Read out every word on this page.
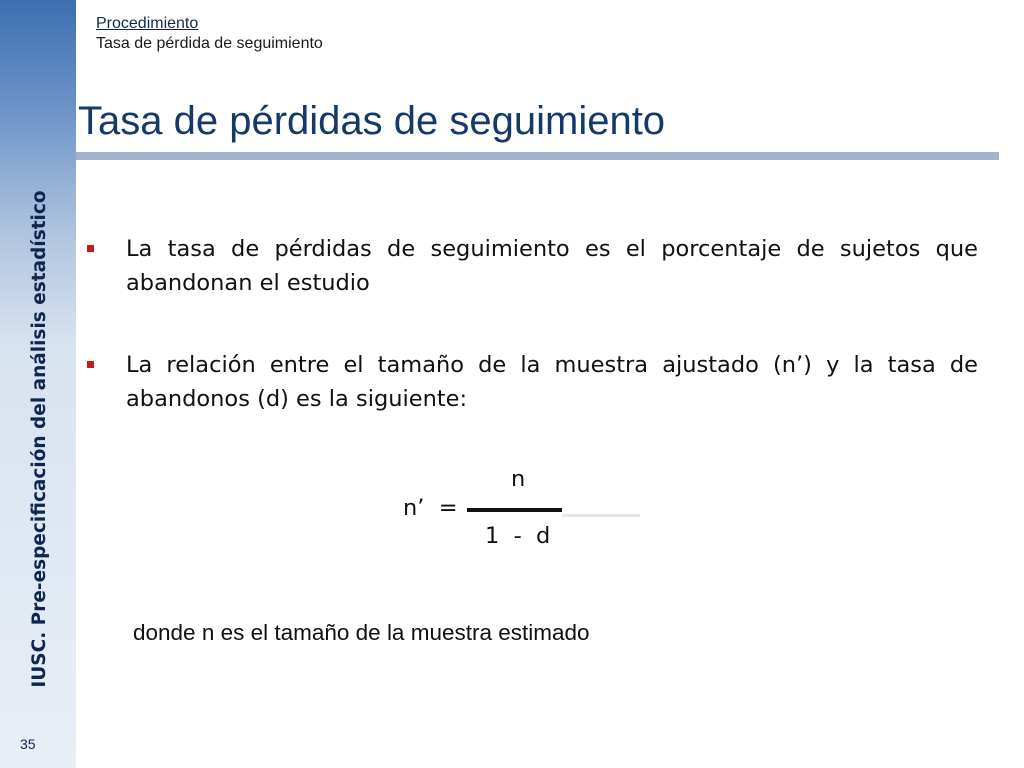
IUSC. Pre-especificación del análisis estadístico
35
Procedimiento
Tasa de pérdida de seguimiento
Tasa de pérdidas de seguimiento
La tasa de pérdidas de seguimiento es el porcentaje de sujetos que abandonan el estudio
La relación entre el tamaño de la muestra ajustado (n’) y la tasa de abandonos (d) es la siguiente:
n’  =
n
1  -  d
donde n es el tamaño de la muestra estimado
